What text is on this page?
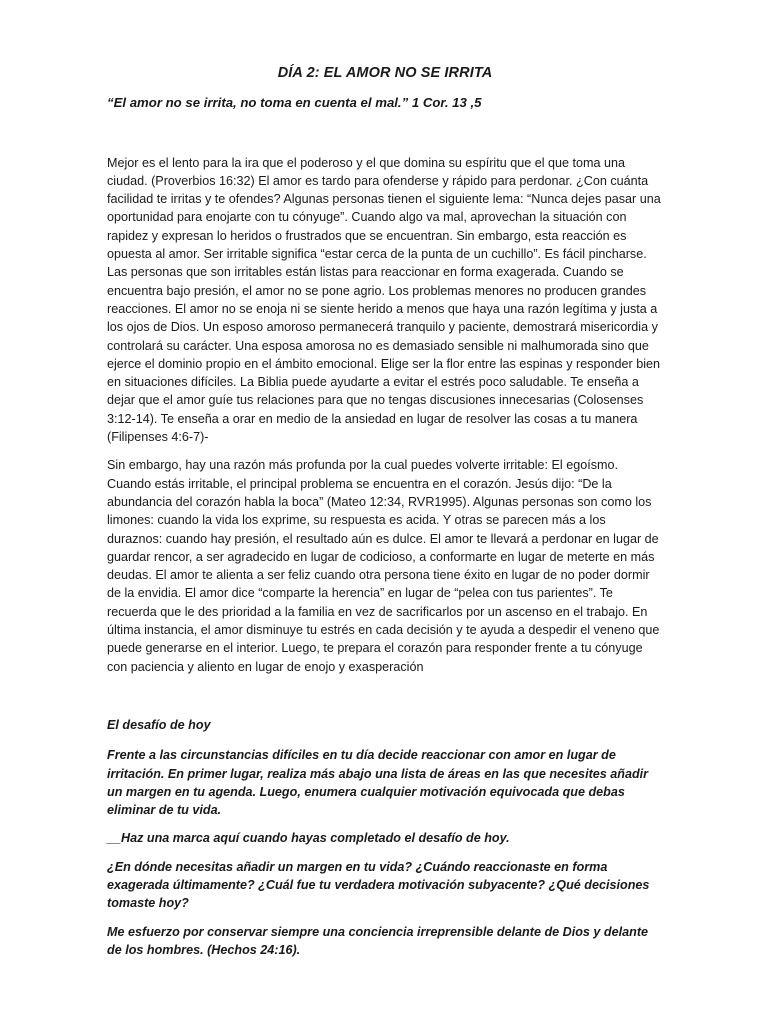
DÍA 2: EL AMOR NO SE IRRITA

“El amor no se irrita, no toma en cuenta el mal.” 1 Cor. 13 ,5

Mejor es el lento para la ira que el poderoso y el que domina su espíritu que el que toma una ciudad. (Proverbios 16:32) El amor es tardo para ofenderse y rápido para perdonar. ¿Con cuánta facilidad te irritas y te ofendes? Algunas personas tienen el siguiente lema: “Nunca dejes pasar una oportunidad para enojarte con tu cónyuge”. Cuando algo va mal, aprovechan la situación con rapidez y expresan lo heridos o frustrados que se encuentran. Sin embargo, esta reacción es opuesta al amor. Ser irritable significa “estar cerca de la punta de un cuchillo”. Es fácil pincharse. Las personas que son irritables están listas para reaccionar en forma exagerada. Cuando se encuentra bajo presión, el amor no se pone agrio. Los problemas menores no producen grandes reacciones. El amor no se enoja ni se siente herido a menos que haya una razón legítima y justa a los ojos de Dios. Un esposo amoroso permanecerá tranquilo y paciente, demostrará misericordia y controlará su carácter. Una esposa amorosa no es demasiado sensible ni malhumorada sino que ejerce el dominio propio en el ámbito emocional. Elige ser la flor entre las espinas y responder bien en situaciones difíciles. La Biblia puede ayudarte a evitar el estrés poco saludable. Te enseña a dejar que el amor guíe tus relaciones para que no tengas discusiones innecesarias (Colosenses 3:12-14). Te enseña a orar en medio de la ansiedad en lugar de resolver las cosas a tu manera (Filipenses 4:6-7)-

Sin embargo, hay una razón más profunda por la cual puedes volverte irritable: El egoísmo. Cuando estás irritable, el principal problema se encuentra en el corazón. Jesús dijo: “De la abundancia del corazón habla la boca” (Mateo 12:34, RVR1995). Algunas personas son como los limones: cuando la vida los exprime, su respuesta es acida. Y otras se parecen más a los duraznos: cuando hay presión, el resultado aún es dulce. El amor te llevará a perdonar en lugar de guardar rencor, a ser agradecido en lugar de codicioso, a conformarte en lugar de meterte en más deudas. El amor te alienta a ser feliz cuando otra persona tiene éxito en lugar de no poder dormir de la envidia. El amor dice “comparte la herencia” en lugar de “pelea con tus parientes”. Te recuerda que le des prioridad a la familia en vez de sacrificarlos por un ascenso en el trabajo. En última instancia, el amor disminuye tu estrés en cada decisión y te ayuda a despedir el veneno que puede generarse en el interior. Luego, te prepara el corazón para responder frente a tu cónyuge con paciencia y aliento en lugar de enojo y exasperación

El desafío de hoy

Frente a las circunstancias difíciles en tu día decide reaccionar con amor en lugar de irritación. En primer lugar, realiza más abajo una lista de áreas en las que necesites añadir un margen en tu agenda. Luego, enumera cualquier motivación equivocada que debas eliminar de tu vida.

__Haz una marca aquí cuando hayas completado el desafío de hoy.

¿En dónde necesitas añadir un margen en tu vida? ¿Cuándo reaccionaste en forma exagerada últimamente? ¿Cuál fue tu verdadera motivación subyacente? ¿Qué decisiones tomaste hoy?

Me esfuerzo por conservar siempre una conciencia irreprensible delante de Dios y delante de los hombres. (Hechos 24:16).
